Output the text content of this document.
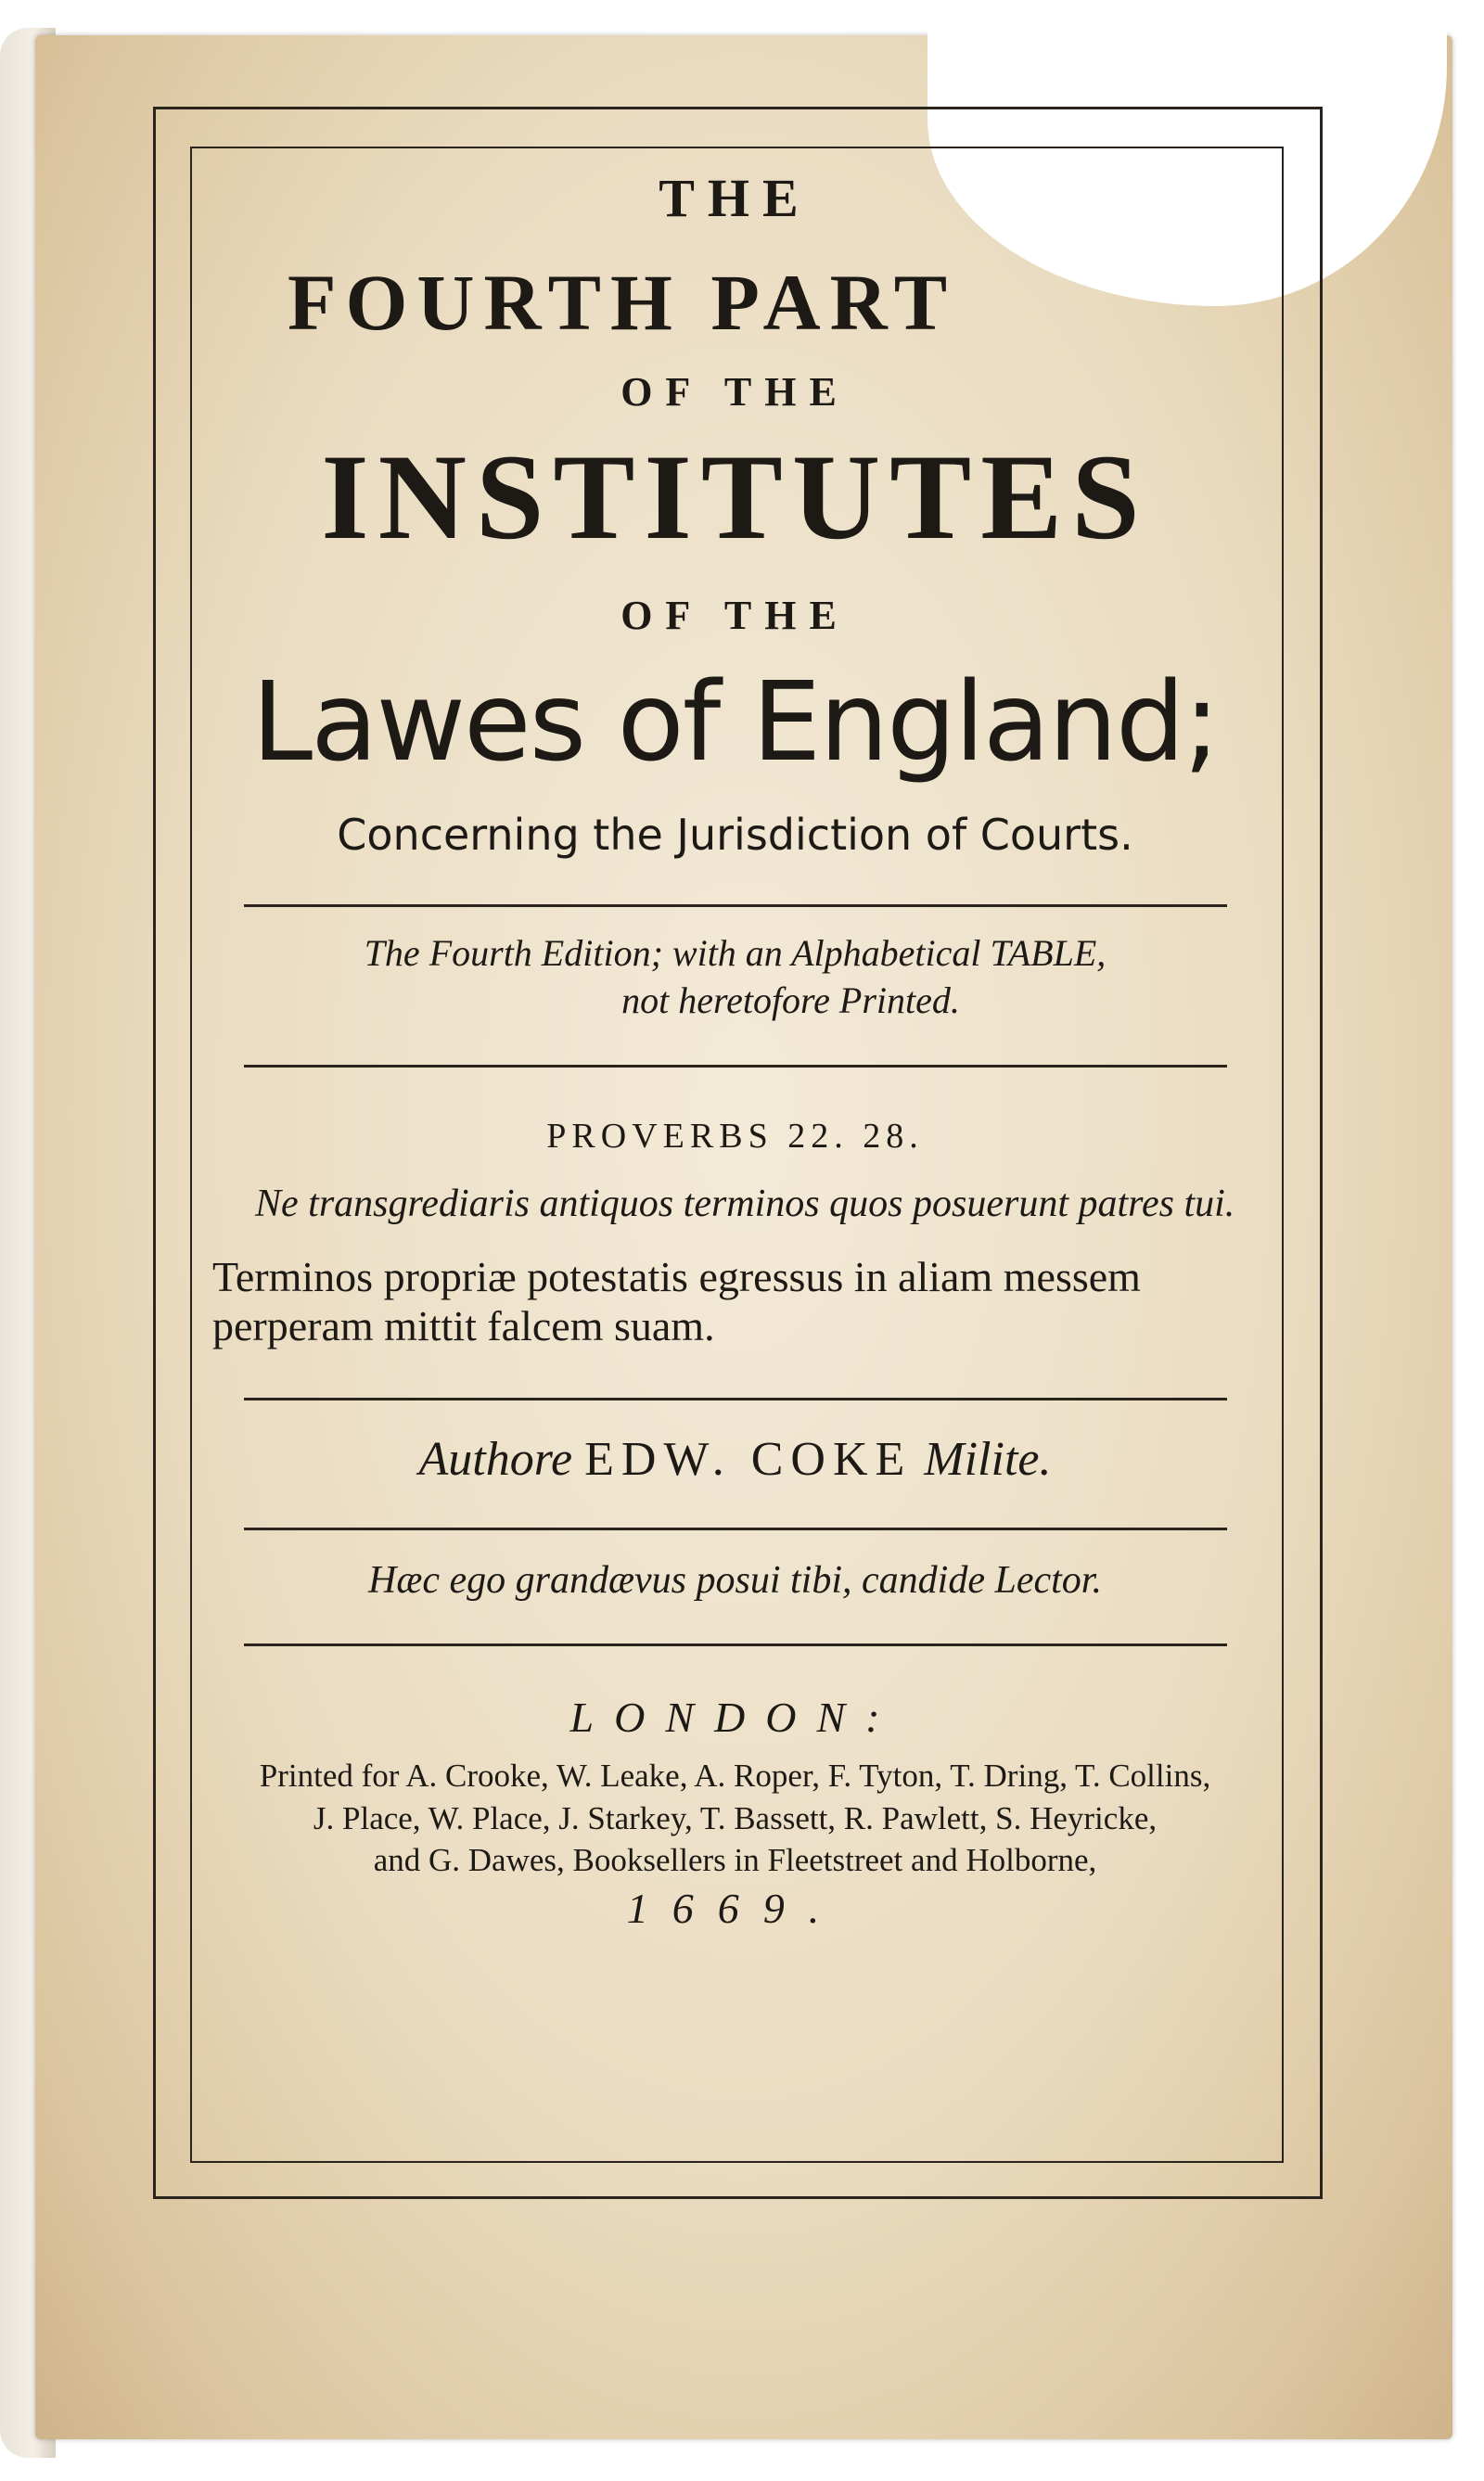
THE
FOURTH PART
OF THE
INSTITUTES
OF THE
Lawes of England;
Concerning the Jurisdiction of Courts.
The Fourth Edition; with an Alphabetical TABLE,
not heretofore Printed.
PROVERBS 22. 28.
Ne transgrediaris antiquos terminos quos posuerunt patres tui.
Terminos propriæ potestatis egressus in aliam messem perperam mittit falcem suam.
Authore EDW. COKE Milite.
Hæc ego grandævus posui tibi, candide Lector.
LONDON:
Printed for A. Crooke, W. Leake, A. Roper, F. Tyton, T. Dring, T. Collins,
J. Place, W. Place, J. Starkey, T. Bassett, R. Pawlett, S. Heyricke,
and G. Dawes, Booksellers in Fleetstreet and Holborne,
1669.
